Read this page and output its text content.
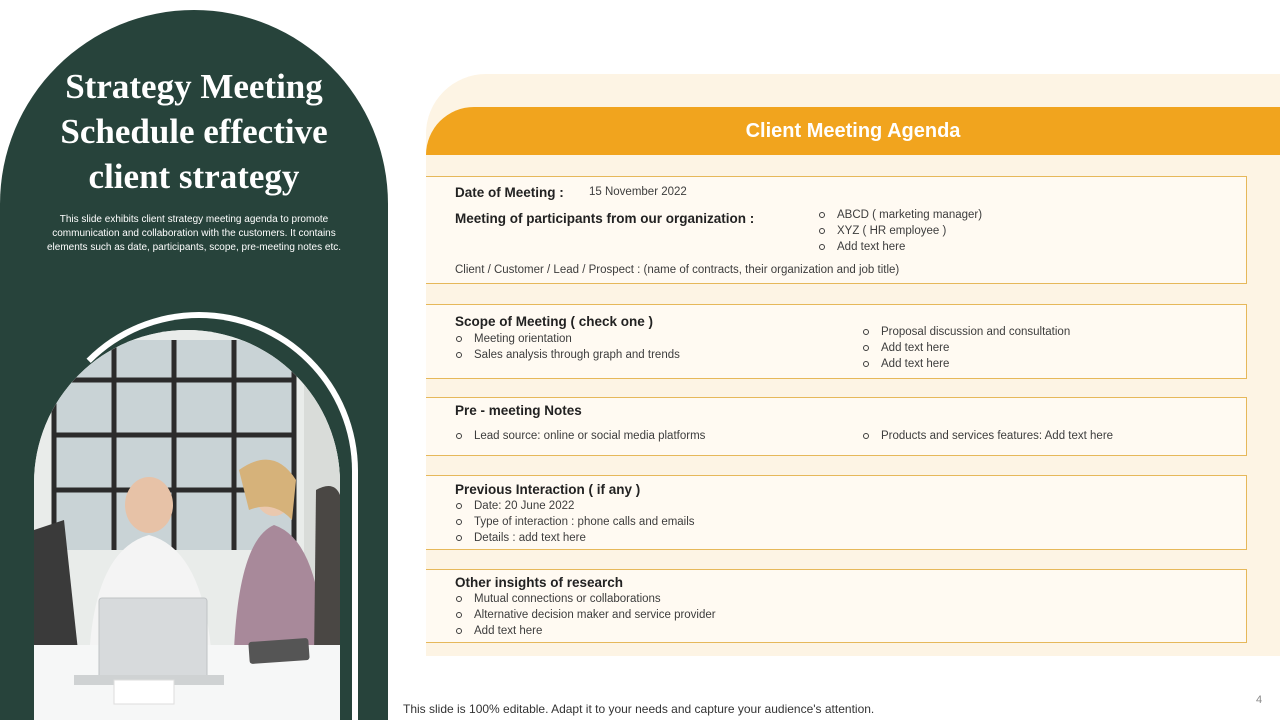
Strategy Meeting
Schedule effective
client strategy

This slide exhibits client strategy meeting agenda to promote communication and collaboration with the customers. It contains elements such as date, participants, scope, pre-meeting notes etc.

This slide is 100% editable. Adapt it to your needs and capture your audience's attention.
4
Client Meeting Agenda
Date of Meeting : 15 November 2022
Meeting of participants from our organization :	ABCD ( marketing manager)
XYZ ( HR employee )
Add text here
Client / Customer / Lead / Prospect : (name of contracts, their organization and job title)
Scope of Meeting ( check one )
Meeting orientation
Sales analysis through graph and trends
Proposal discussion and consultation
Add text here
Add text here
Pre - meeting Notes
Lead source: online or social media platforms	Products and services features: Add text here
Previous Interaction ( if any )
Date: 20 June 2022
Type of interaction : phone calls and emails
Details : add text here
Other insights of research
Mutual connections or collaborations
Alternative decision maker and service provider
Add text here
